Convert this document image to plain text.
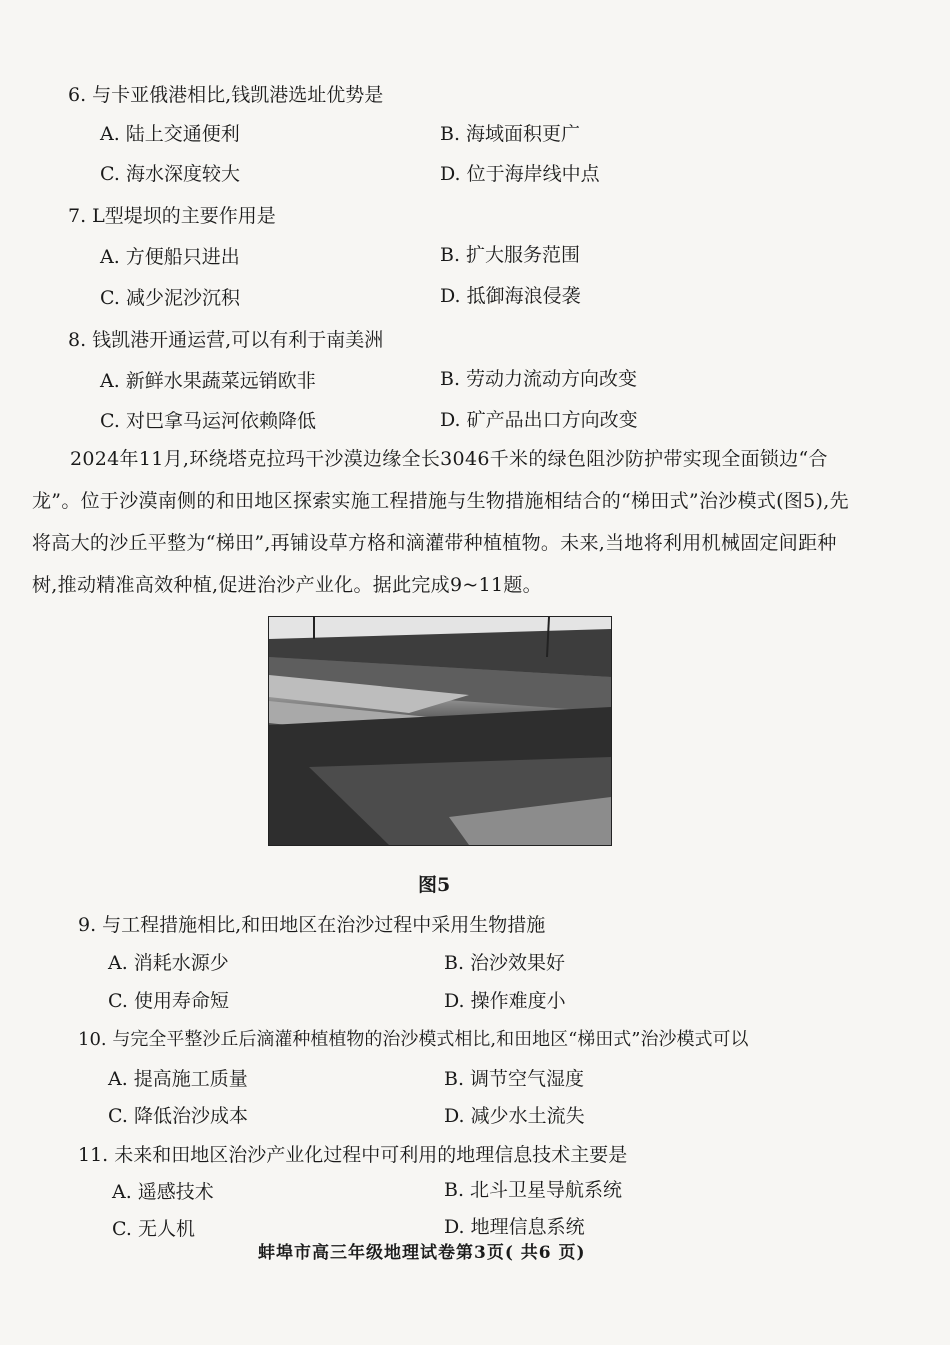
6. 与卡亚俄港相比,钱凯港选址优势是
A. 陆上交通便利	B. 海域面积更广
C. 海水深度较大	D. 位于海岸线中点
7. L型堤坝的主要作用是
A. 方便船只进出	B. 扩大服务范围
C. 减少泥沙沉积	D. 抵御海浪侵袭
8. 钱凯港开通运营,可以有利于南美洲
A. 新鲜水果蔬菜远销欧非	B. 劳动力流动方向改变
C. 对巴拿马运河依赖降低	D. 矿产品出口方向改变
2024年11月,环绕塔克拉玛干沙漠边缘全长3046千米的绿色阻沙防护带实现全面锁边“合龙”。位于沙漠南侧的和田地区探索实施工程措施与生物措施相结合的“梯田式”治沙模式(图5),先将高大的沙丘平整为“梯田”,再铺设草方格和滴灌带种植植物。未来,当地将利用机械固定间距种树,推动精准高效种植,促进治沙产业化。据此完成9~11题。
图5
9. 与工程措施相比,和田地区在治沙过程中采用生物措施
A. 消耗水源少	B. 治沙效果好
C. 使用寿命短	D. 操作难度小
10. 与完全平整沙丘后滴灌种植植物的治沙模式相比,和田地区“梯田式”治沙模式可以
A. 提高施工质量	B. 调节空气湿度
C. 降低治沙成本	D. 减少水土流失
11. 未来和田地区治沙产业化过程中可利用的地理信息技术主要是
A. 遥感技术	B. 北斗卫星导航系统
C. 无人机	D. 地理信息系统
蚌埠市高三年级地理试卷第3页( 共6 页)
